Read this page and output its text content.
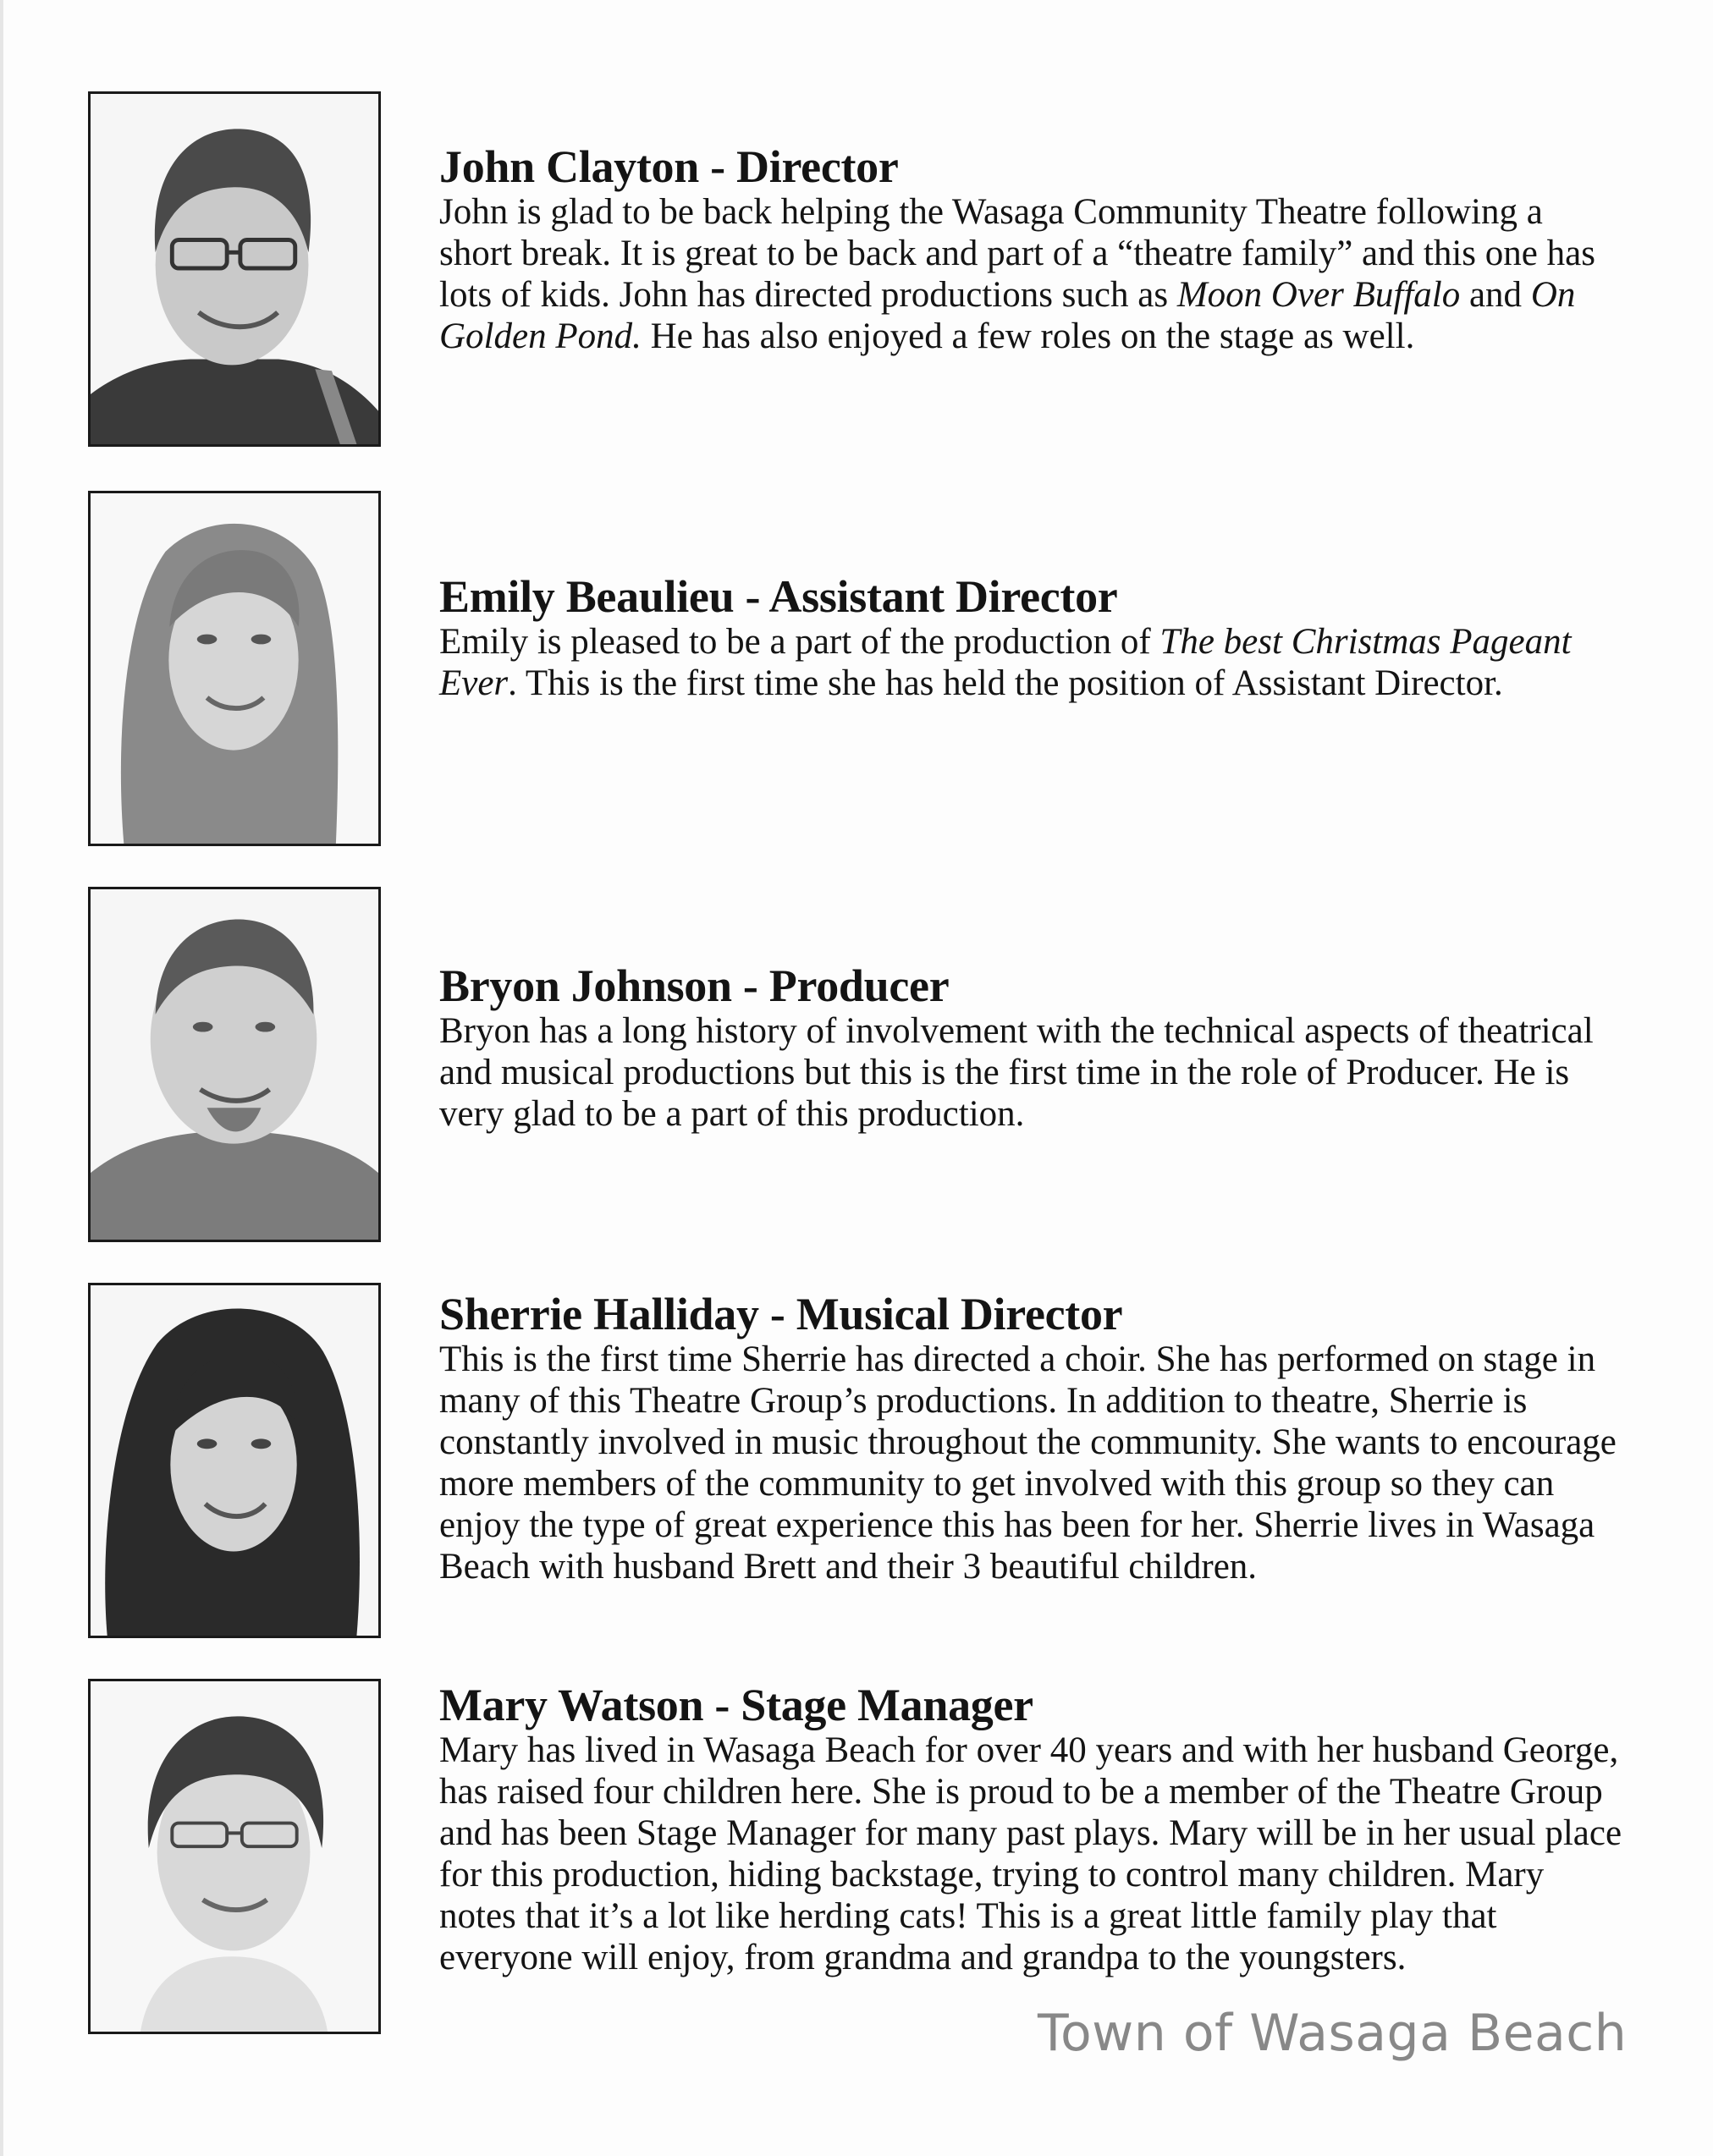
John Clayton - Director

John is glad to be back helping the Wasaga Community Theatre following a short break. It is great to be back and part of a “theatre family” and this one has lots of kids. John has directed productions such as Moon Over Buffalo and On Golden Pond. He has also enjoyed a few roles on the stage as well.

Emily Beaulieu - Assistant Director

Emily is pleased to be a part of the production of The best Christmas Pageant Ever. This is the first time she has held the position of Assistant Director.

Bryon Johnson - Producer

Bryon has a long history of involvement with the technical aspects of theatrical and musical productions but this is the first time in the role of Producer. He is very glad to be a part of this production.

Sherrie Halliday - Musical Director

This is the first time Sherrie has directed a choir. She has performed on stage in many of this Theatre Group’s productions. In addition to theatre, Sherrie is constantly involved in music throughout the community. She wants to encourage more members of the community to get involved with this group so they can enjoy the type of great experience this has been for her. Sherrie lives in Wasaga Beach with husband Brett and their 3 beautiful children.

Mary Watson - Stage Manager

Mary has lived in Wasaga Beach for over 40 years and with her husband George, has raised four children here. She is proud to be a member of the Theatre Group and has been Stage Manager for many past plays. Mary will be in her usual place for this production, hiding backstage, trying to control many children. Mary notes that it’s a lot like herding cats! This is a great little family play that everyone will enjoy, from grandma and grandpa to the youngsters.

Town of Wasaga Beach
